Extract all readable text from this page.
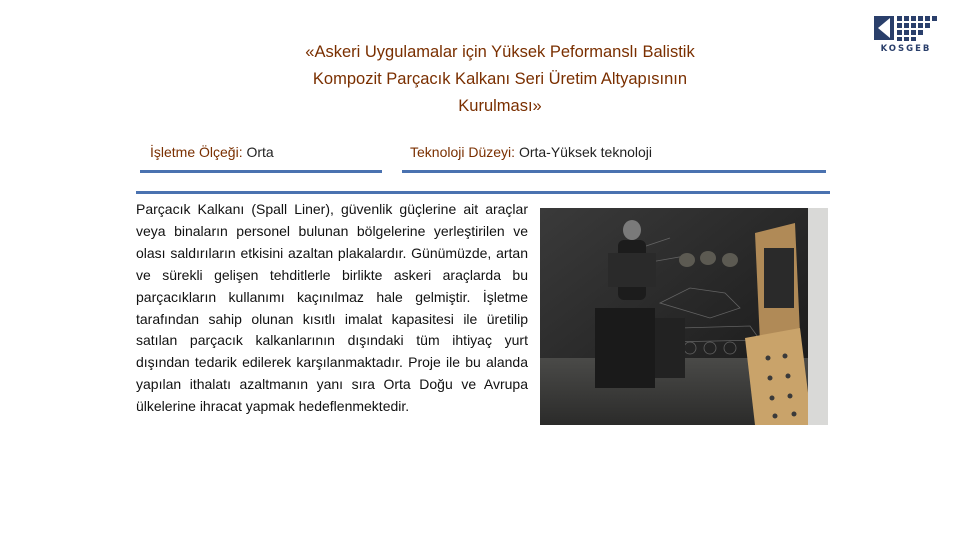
«Askeri Uygulamalar için Yüksek Peformanslı Balistik
Kompozit Parçacık Kalkanı Seri Üretim Altyapısının
Kurulması»
KOSGEB
İşletme Ölçeği: Orta	Teknoloji Düzeyi: Orta-Yüksek teknoloji
Parçacık Kalkanı (Spall Liner), güvenlik güçlerine ait araçlar veya binaların personel bulunan bölgelerine yerleştirilen ve olası saldırıların etkisini azaltan plakalardır. Günümüzde, artan ve sürekli gelişen tehditlerle birlikte askeri araçlarda bu parçacıkların kullanımı kaçınılmaz hale gelmiştir. İşletme tarafından sahip olunan kısıtlı imalat kapasitesi ile üretilip satılan parçacık kalkanlarının dışındaki tüm ihtiyaç yurt dışından tedarik edilerek karşılanmaktadır. Proje ile bu alanda yapılan ithalatı azaltmanın yanı sıra Orta Doğu ve Avrupa ülkelerine ihracat yapmak hedeflenmektedir.
